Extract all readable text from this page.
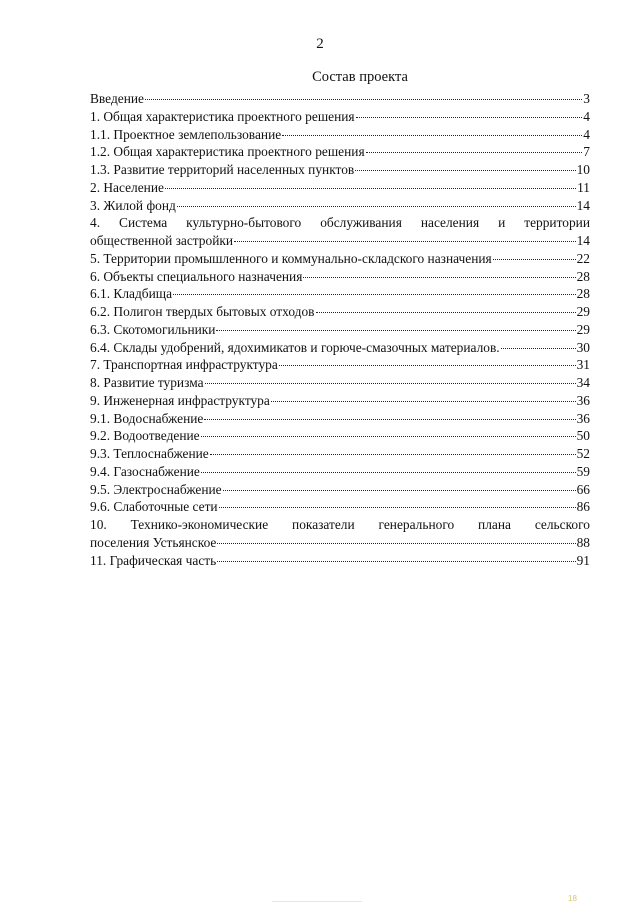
2
Состав проекта
Введение	3
1. Общая характеристика проектного решения	4
1.1. Проектное землепользование	4
1.2. Общая характеристика проектного решения	7
1.3. Развитие территорий населенных пунктов	10
2. Население	11
3. Жилой фонд	14
4. Система культурно-бытового обслуживания населения и территории
общественной застройки	14
5. Территории промышленного и коммунально-складского назначения	22
6. Объекты специального назначения	28
6.1. Кладбища	28
6.2. Полигон твердых бытовых отходов	29
6.3. Скотомогильники	29
6.4. Склады удобрений, ядохимикатов и горюче-смазочных материалов.	30
7. Транспортная инфраструктура	31
8. Развитие туризма	34
9. Инженерная инфраструктура	36
9.1. Водоснабжение	36
9.2. Водоотведение	50
9.3. Теплоснабжение	52
9.4. Газоснабжение	59
9.5. Электроснабжение	66
9.6. Слаботочные сети	86
10. Технико-экономические показатели генерального плана сельского
поселения Устьянское	88
11. Графическая часть	91
18
